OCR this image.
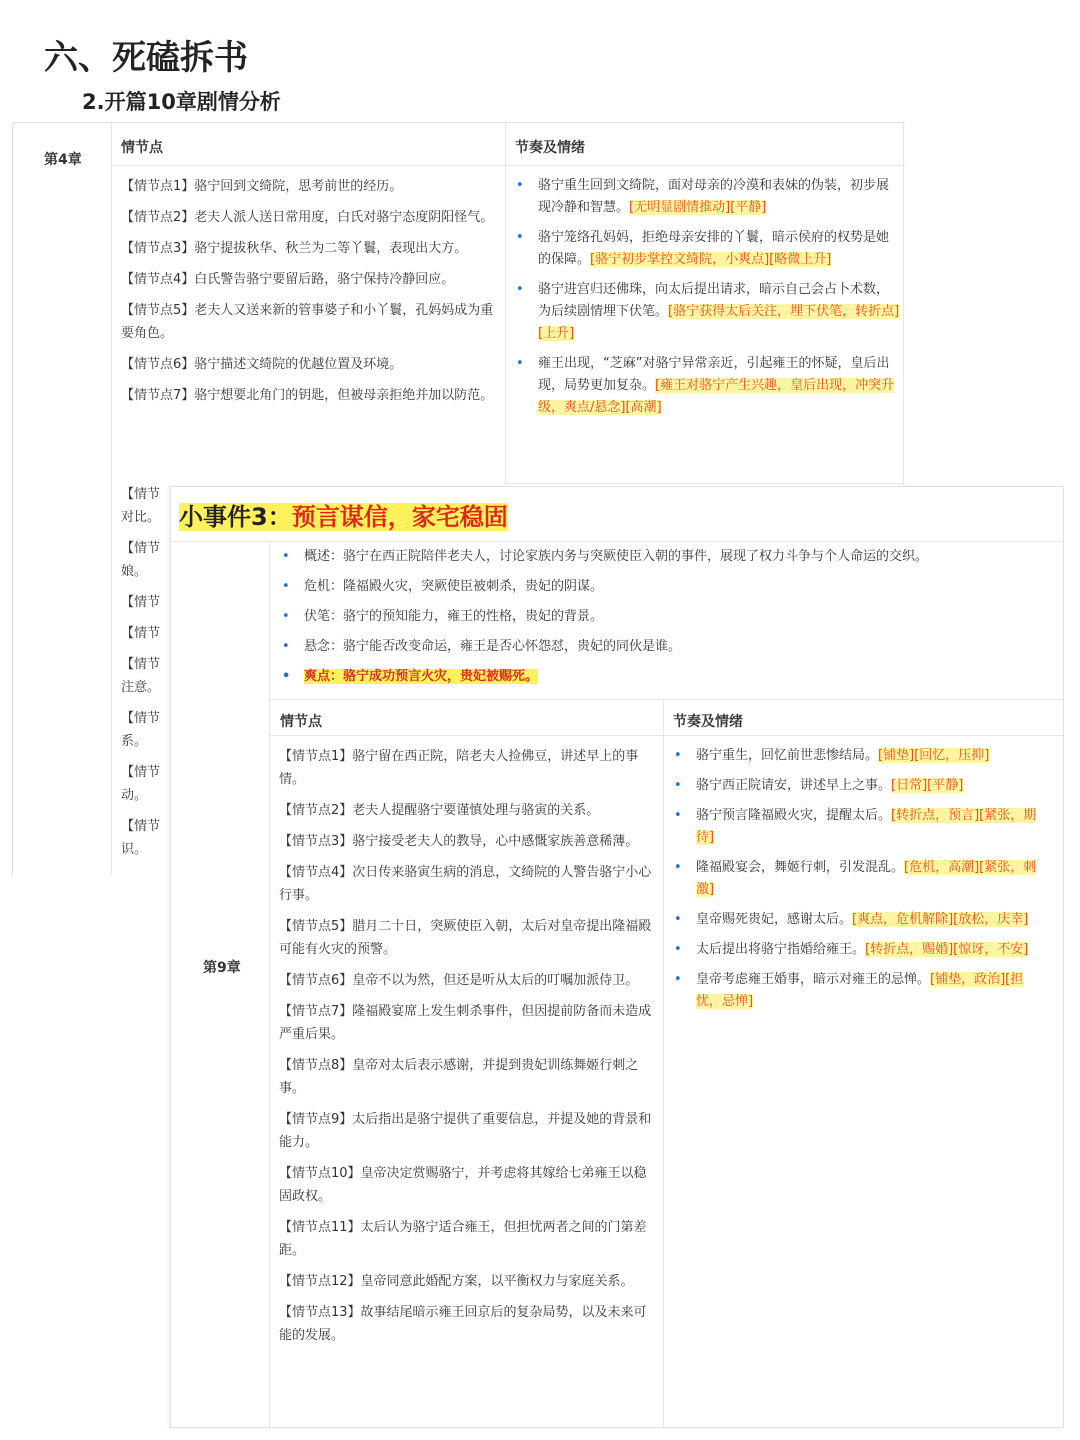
六、死磕拆书
2.开篇10章剧情分析
第4章
情节点	节奏及情绪

【情节点1】骆宁回到文绮院，思考前世的经历。

【情节点2】老夫人派人送日常用度，白氏对骆宁态度阴阳怪气。

【情节点3】骆宁提拔秋华、秋兰为二等丫鬟，表现出大方。

【情节点4】白氏警告骆宁要留后路，骆宁保持冷静回应。

【情节点5】老夫人又送来新的管事婆子和小丫鬟，孔妈妈成为重要角色。

【情节点6】骆宁描述文绮院的优越位置及环境。

【情节点7】骆宁想要北角门的钥匙，但被母亲拒绝并加以防范。

【情节
对比。
【情节
娘。
【情节
【情节
【情节
注意。
【情节
系。
【情节
动。
【情节
识。
• 骆宁重生回到文绮院，面对母亲的冷漠和表妹的伪装，初步展现冷静和智慧。[无明显剧情推动][平静]
• 骆宁笼络孔妈妈，拒绝母亲安排的丫鬟，暗示侯府的权势是她的保障。[骆宁初步掌控文绮院，小爽点][略微上升]
• 骆宁进宫归还佛珠，向太后提出请求，暗示自己会占卜术数，为后续剧情埋下伏笔。[骆宁获得太后关注，埋下伏笔，转折点][上升]
• 雍王出现，“芝麻”对骆宁异常亲近，引起雍王的怀疑，皇后出现，局势更加复杂。[雍王对骆宁产生兴趣，皇后出现，冲突升级，爽点/悬念][高潮]
小事件3：预言谋信，家宅稳固
• 概述：骆宁在西正院陪伴老夫人，讨论家族内务与突厥使臣入朝的事件，展现了权力斗争与个人命运的交织。
• 危机：隆福殿火灾，突厥使臣被刺杀，贵妃的阴谋。
• 伏笔：骆宁的预知能力，雍王的性格，贵妃的背景。
• 悬念：骆宁能否改变命运，雍王是否心怀怨怼，贵妃的同伙是谁。
• 爽点：骆宁成功预言火灾，贵妃被赐死。
第9章
情节点	节奏及情绪

【情节点1】骆宁留在西正院，陪老夫人捡佛豆，讲述早上的事情。

【情节点2】老夫人提醒骆宁要谨慎处理与骆寅的关系。

【情节点3】骆宁接受老夫人的教导，心中感慨家族善意稀薄。

【情节点4】次日传来骆寅生病的消息，文绮院的人警告骆宁小心行事。

【情节点5】腊月二十日，突厥使臣入朝，太后对皇帝提出隆福殿可能有火灾的预警。

【情节点6】皇帝不以为然，但还是听从太后的叮嘱加派侍卫。

【情节点7】隆福殿宴席上发生刺杀事件，但因提前防备而未造成严重后果。

【情节点8】皇帝对太后表示感谢，并提到贵妃训练舞姬行刺之事。

【情节点9】太后指出是骆宁提供了重要信息，并提及她的背景和能力。

【情节点10】皇帝决定赏赐骆宁，并考虑将其嫁给七弟雍王以稳固政权。

【情节点11】太后认为骆宁适合雍王，但担忧两者之间的门第差距。

【情节点12】皇帝同意此婚配方案，以平衡权力与家庭关系。

【情节点13】故事结尾暗示雍王回京后的复杂局势，以及未来可能的发展。

• 骆宁重生，回忆前世悲惨结局。[铺垫][回忆，压抑]
• 骆宁西正院请安，讲述早上之事。[日常][平静]
• 骆宁预言隆福殿火灾，提醒太后。[转折点，预言][紧张，期待]
• 隆福殿宴会，舞姬行刺，引发混乱。[危机，高潮][紧张，刺激]
• 皇帝赐死贵妃，感谢太后。[爽点，危机解除][放松，庆幸]
• 太后提出将骆宁指婚给雍王。[转折点，赐婚][惊讶，不安]
• 皇帝考虑雍王婚事，暗示对雍王的忌惮。[铺垫，政治][担忧，忌惮]
